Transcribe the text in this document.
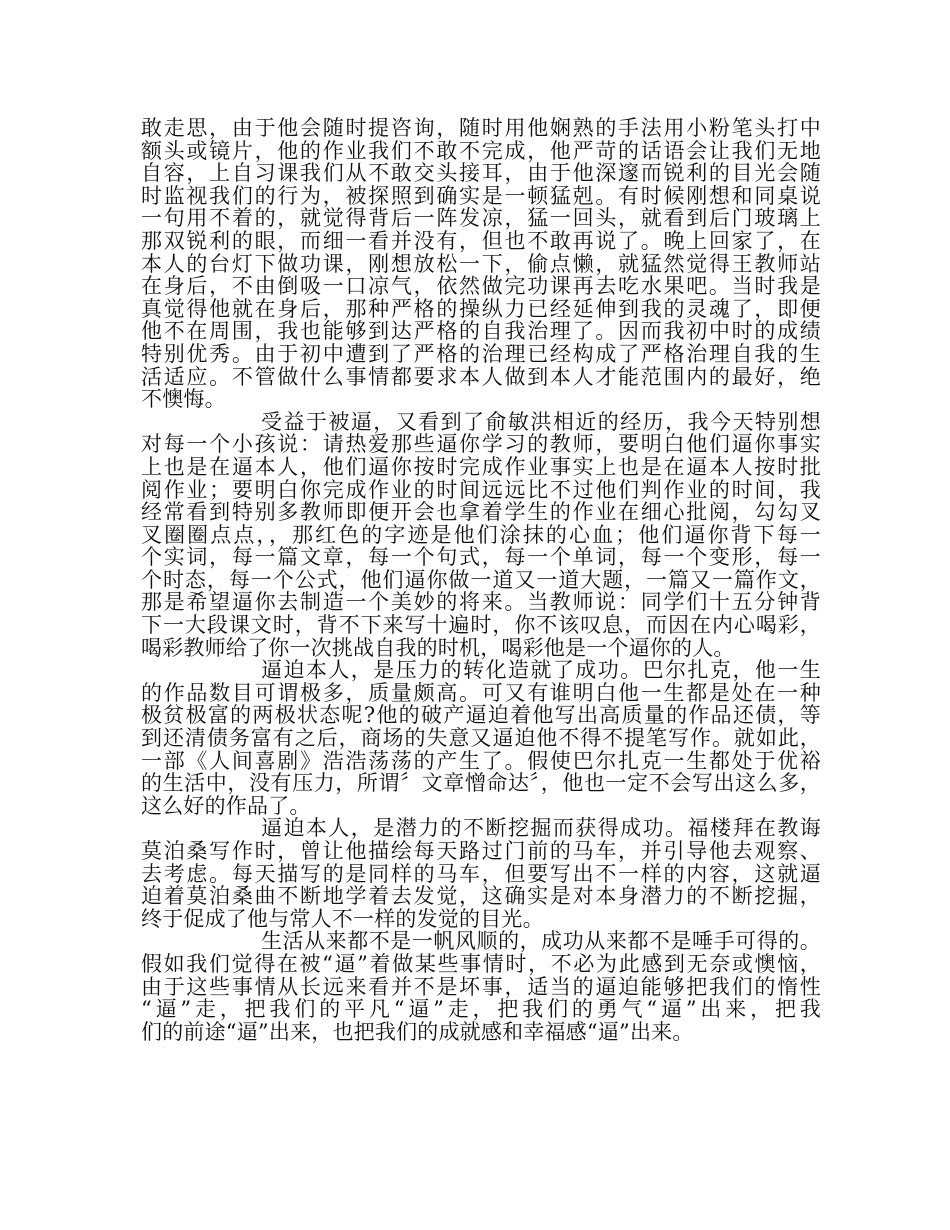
敢走思，由于他会随时提咨询，随时用他娴熟的手法用小粉笔头打中
额头或镜片，他的作业我们不敢不完成，他严苛的话语会让我们无地
自容，上自习课我们从不敢交头接耳，由于他深邃而锐利的目光会随
时监视我们的行为，被探照到确实是一顿猛剋。有时候刚想和同桌说
一句用不着的，就觉得背后一阵发凉，猛一回头，就看到后门玻璃上
那双锐利的眼，而细一看并没有，但也不敢再说了。晚上回家了，在
本人的台灯下做功课，刚想放松一下，偷点懒，就猛然觉得王教师站
在身后，不由倒吸一口凉气，依然做完功课再去吃水果吧。当时我是
真觉得他就在身后，那种严格的操纵力已经延伸到我的灵魂了，即便
他不在周围，我也能够到达严格的自我治理了。因而我初中时的成绩
特别优秀。由于初中遭到了严格的治理已经构成了严格治理自我的生
活适应。不管做什么事情都要求本人做到本人才能范围内的最好，绝
不懊悔。
受益于被逼，又看到了俞敏洪相近的经历，我今天特别想
对每一个小孩说：请热爱那些逼你学习的教师，要明白他们逼你事实
上也是在逼本人，他们逼你按时完成作业事实上也是在逼本人按时批
阅作业；要明白你完成作业的时间远远比不过他们判作业的时间，我
经常看到特别多教师即便开会也拿着学生的作业在细心批阅，勾勾叉
叉圈圈点点，，那红色的字迹是他们涂抹的心血；他们逼你背下每一
个实词，每一篇文章，每一个句式，每一个单词，每一个变形，每一
个时态，每一个公式，他们逼你做一道又一道大题，一篇又一篇作文，
那是希望逼你去制造一个美妙的将来。当教师说：同学们十五分钟背
下一大段课文时，背不下来写十遍时，你不该叹息，而因在内心喝彩，
喝彩教师给了你一次挑战自我的时机，喝彩他是一个逼你的人。
逼迫本人，是压力的转化造就了成功。巴尔扎克，他一生
的作品数目可谓极多，质量颇高。可又有谁明白他一生都是处在一种
极贫极富的两极状态呢?他的破产逼迫着他写出高质量的作品还债，等
到还清债务富有之后，商场的失意又逼迫他不得不提笔写作。就如此，
一部《人间喜剧》浩浩荡荡的产生了。假使巴尔扎克一生都处于优裕
的生活中，没有压力，所谓〞文章憎命达〞，他也一定不会写出这么多，
这么好的作品了。
逼迫本人，是潜力的不断挖掘而获得成功。福楼拜在教诲
莫泊桑写作时，曾让他描绘每天路过门前的马车，并引导他去观察、
去考虑。每天描写的是同样的马车，但要写出不一样的内容，这就逼
迫着莫泊桑曲不断地学着去发觉，这确实是对本身潜力的不断挖掘，
终于促成了他与常人不一样的发觉的目光。
生活从来都不是一帆风顺的，成功从来都不是唾手可得的。
假如我们觉得在被“逼”着做某些事情时，不必为此感到无奈或懊恼，
由于这些事情从长远来看并不是坏事，适当的逼迫能够把我们的惰性
“逼”走，把我们的平凡“逼”走，把我们的勇气“逼”出来，把我
们的前途“逼”出来，也把我们的成就感和幸福感“逼”出来。
